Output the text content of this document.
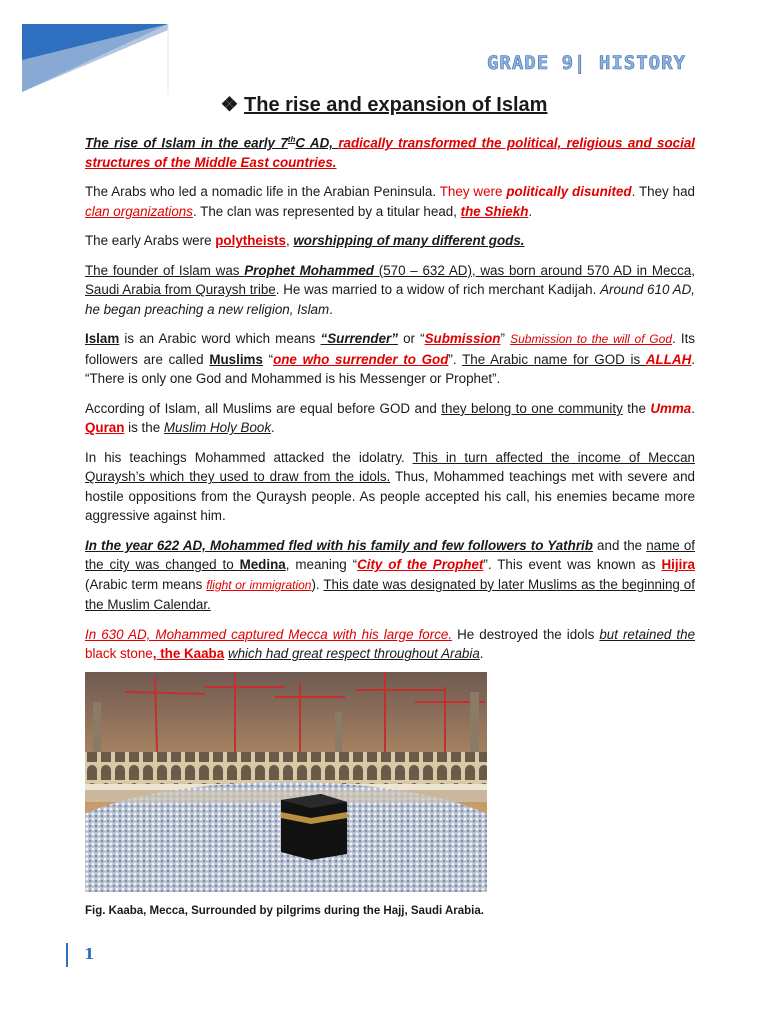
GRADE 9| HISTORY
❖ The rise and expansion of Islam

The rise of Islam in the early 7thC AD, radically transformed the political, religious and social structures of the Middle East countries.

The Arabs who led a nomadic life in the Arabian Peninsula. They were politically disunited. They had clan organizations. The clan was represented by a titular head, the Shiekh.

The early Arabs were polytheists, worshipping of many different gods.

The founder of Islam was Prophet Mohammed (570 – 632 AD), was born around 570 AD in Mecca, Saudi Arabia from Quraysh tribe. He was married to a widow of rich merchant Kadijah. Around 610 AD, he began preaching a new religion, Islam.

Islam is an Arabic word which means “Surrender” or “Submission” Submission to the will of God. Its followers are called Muslims “one who surrender to God”. The Arabic name for GOD is ALLAH. “There is only one God and Mohammed is his Messenger or Prophet”.

According of Islam, all Muslims are equal before GOD and they belong to one community the Umma. Quran is the Muslim Holy Book.

In his teachings Mohammed attacked the idolatry. This in turn affected the income of Meccan Quraysh’s which they used to draw from the idols. Thus, Mohammed teachings met with severe and hostile oppositions from the Quraysh people. As people accepted his call, his enemies became more aggressive against him.

In the year 622 AD, Mohammed fled with his family and few followers to Yathrib and the name of the city was changed to Medina, meaning “City of the Prophet”. This event was known as Hijira (Arabic term means flight or immigration). This date was designated by later Muslims as the beginning of the Muslim Calendar.

In 630 AD, Mohammed captured Mecca with his large force. He destroyed the idols but retained the black stone, the Kaaba which had great respect throughout Arabia.

Fig. Kaaba, Mecca, Surrounded by pilgrims during the Hajj, Saudi Arabia.
1
